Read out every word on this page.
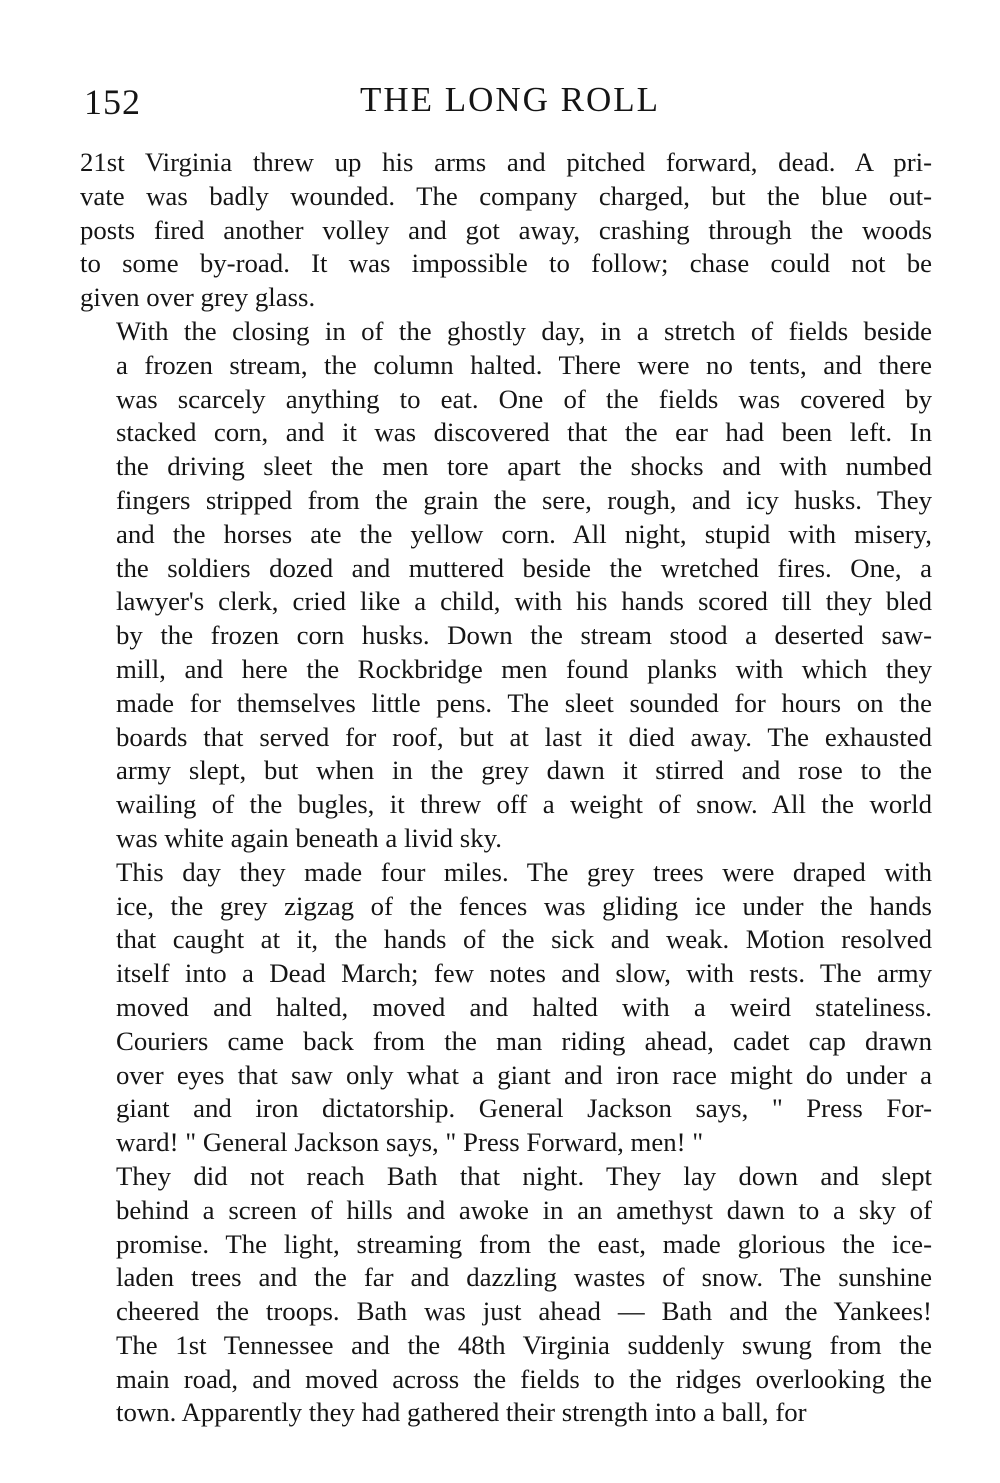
152	THE LONG ROLL

21st Virginia threw up his arms and pitched forward, dead. A pri-
vate was badly wounded. The company charged, but the blue out-
posts fired another volley and got away, crashing through the woods
to some by-road. It was impossible to follow; chase could not be
given over grey glass.

With the closing in of the ghostly day, in a stretch of fields beside
a frozen stream, the column halted. There were no tents, and there
was scarcely anything to eat. One of the fields was covered by
stacked corn, and it was discovered that the ear had been left. In
the driving sleet the men tore apart the shocks and with numbed
fingers stripped from the grain the sere, rough, and icy husks. They
and the horses ate the yellow corn. All night, stupid with misery,
the soldiers dozed and muttered beside the wretched fires. One, a
lawyer's clerk, cried like a child, with his hands scored till they bled
by the frozen corn husks. Down the stream stood a deserted saw-
mill, and here the Rockbridge men found planks with which they
made for themselves little pens. The sleet sounded for hours on the
boards that served for roof, but at last it died away. The exhausted
army slept, but when in the grey dawn it stirred and rose to the
wailing of the bugles, it threw off a weight of snow. All the world
was white again beneath a livid sky.

This day they made four miles. The grey trees were draped with
ice, the grey zigzag of the fences was gliding ice under the hands
that caught at it, the hands of the sick and weak. Motion resolved
itself into a Dead March; few notes and slow, with rests. The army
moved and halted, moved and halted with a weird stateliness.
Couriers came back from the man riding ahead, cadet cap drawn
over eyes that saw only what a giant and iron race might do under a
giant and iron dictatorship. General Jackson says, " Press For-
ward! " General Jackson says, " Press Forward, men! "

They did not reach Bath that night. They lay down and slept
behind a screen of hills and awoke in an amethyst dawn to a sky of
promise. The light, streaming from the east, made glorious the ice-
laden trees and the far and dazzling wastes of snow. The sunshine
cheered the troops. Bath was just ahead — Bath and the Yankees!
The 1st Tennessee and the 48th Virginia suddenly swung from the
main road, and moved across the fields to the ridges overlooking the
town. Apparently they had gathered their strength into a ball, for
